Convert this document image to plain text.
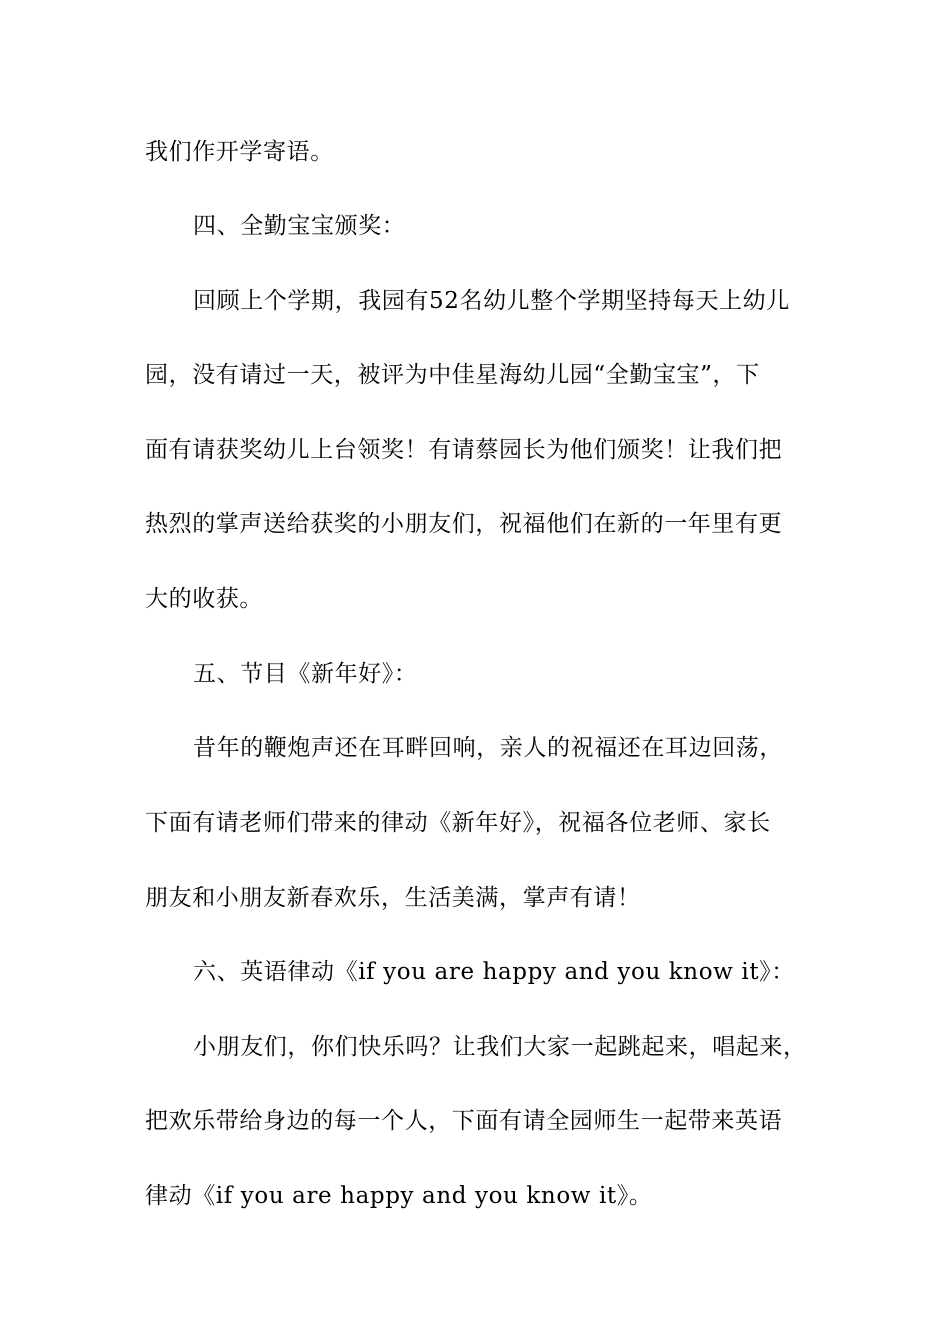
我们作开学寄语。
四、全勤宝宝颁奖：
回顾上个学期，我园有52名幼儿整个学期坚持每天上幼儿
园，没有请过一天，被评为中佳星海幼儿园“全勤宝宝”，下
面有请获奖幼儿上台领奖！有请蔡园长为他们颁奖！让我们把
热烈的掌声送给获奖的小朋友们，祝福他们在新的一年里有更
大的收获。
五、节目《新年好》：
昔年的鞭炮声还在耳畔回响，亲人的祝福还在耳边回荡，
下面有请老师们带来的律动《新年好》，祝福各位老师、家长
朋友和小朋友新春欢乐，生活美满，掌声有请！
六、英语律动《if you are happy and you know it》：
小朋友们，你们快乐吗？让我们大家一起跳起来，唱起来，
把欢乐带给身边的每一个人，下面有请全园师生一起带来英语
律动《if you are happy and you know it》。
